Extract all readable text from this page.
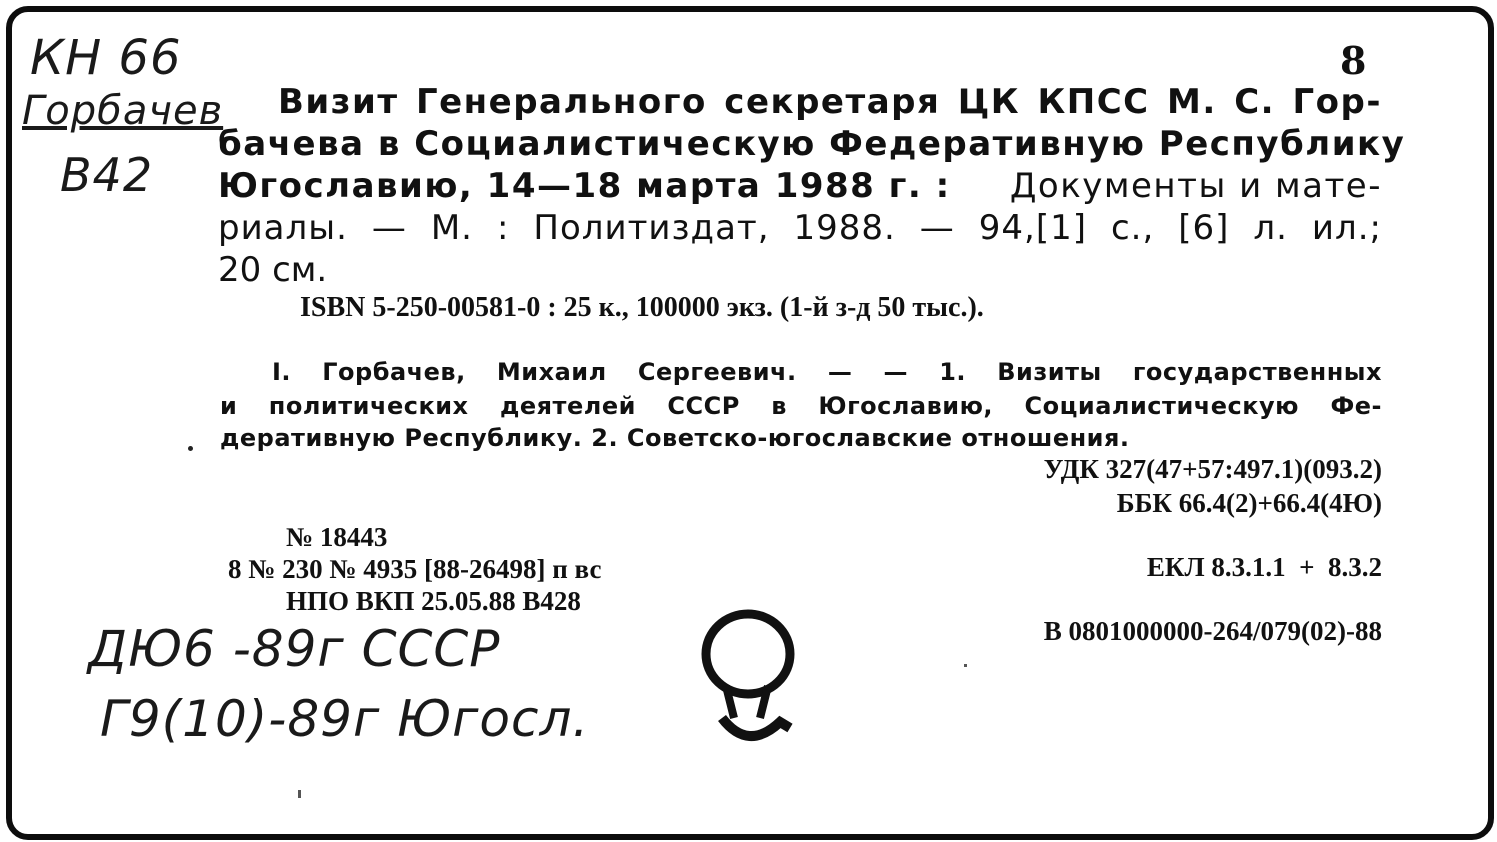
КН 66
Горбачев
В42
8
Визит Генерального секретаря ЦК КПСС М. С. Гор-
бачева в Социалистическую Федеративную Республику
Югославию, 14—18 марта 1988 г. : Документы и мате-
риалы. — М. : Политиздат, 1988. — 94,[1] с., [6] л. ил.;
20 см.
ISBN 5-250-00581-0 : 25 к., 100000 экз. (1-й з-д 50 тыс.).
I. Горбачев, Михаил Сергеевич. — — 1. Визиты государственных
и политических деятелей СССР в Югославию, Социалистическую Фе-
деративную Республику. 2. Советско-югославские отношения.
УДК 327(47+57:497.1)(093.2)
ББК 66.4(2)+66.4(4Ю)
№ 18443
8 № 230 № 4935 [88-26498] п вс
НПО ВКП 25.05.88 В428
ЕКЛ 8.3.1.1  +  8.3.2
В 0801000000-264/079(02)-88
ДЮ6 -89г СССР
Г9(10)-89г Югосл.
